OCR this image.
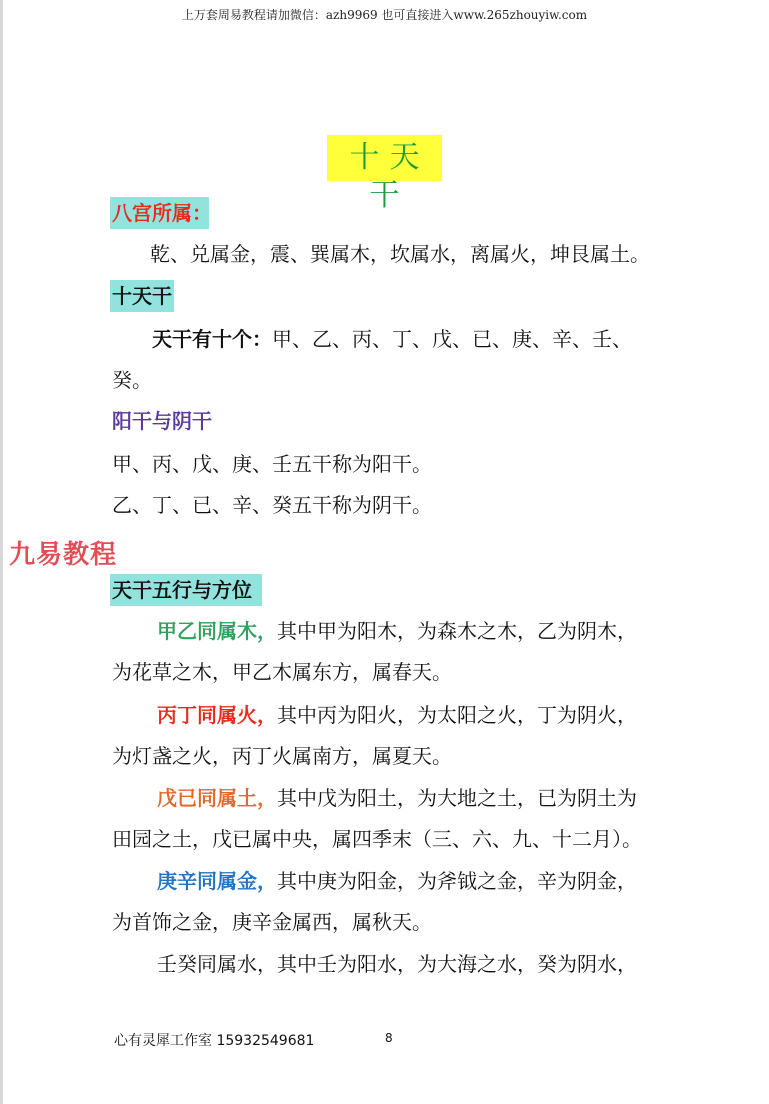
上万套周易教程请加微信：azh9969 也可直接进入www.265zhouyiw.com
十天干
八宫所属：
乾、兑属金，震、巽属木，坎属水，离属火，坤艮属土。
十天干
天干有十个：甲、乙、丙、丁、戊、已、庚、辛、壬、
癸。
阳干与阴干
甲、丙、戊、庚、壬五干称为阳干。
乙、丁、已、辛、癸五干称为阴干。
九易教程
天干五行与方位
甲乙同属木，其中甲为阳木，为森木之木，乙为阴木，
为花草之木，甲乙木属东方，属春天。
丙丁同属火，其中丙为阳火，为太阳之火，丁为阴火，
为灯盏之火，丙丁火属南方，属夏天。
戊已同属土，其中戊为阳土，为大地之土，已为阴土为
田园之土，戊已属中央，属四季末（三、六、九、十二月）。
庚辛同属金，其中庚为阳金，为斧钺之金，辛为阴金，
为首饰之金，庚辛金属西，属秋天。
壬癸同属水，其中壬为阳水，为大海之水，癸为阴水，
心有灵犀工作室 15932549681	8
